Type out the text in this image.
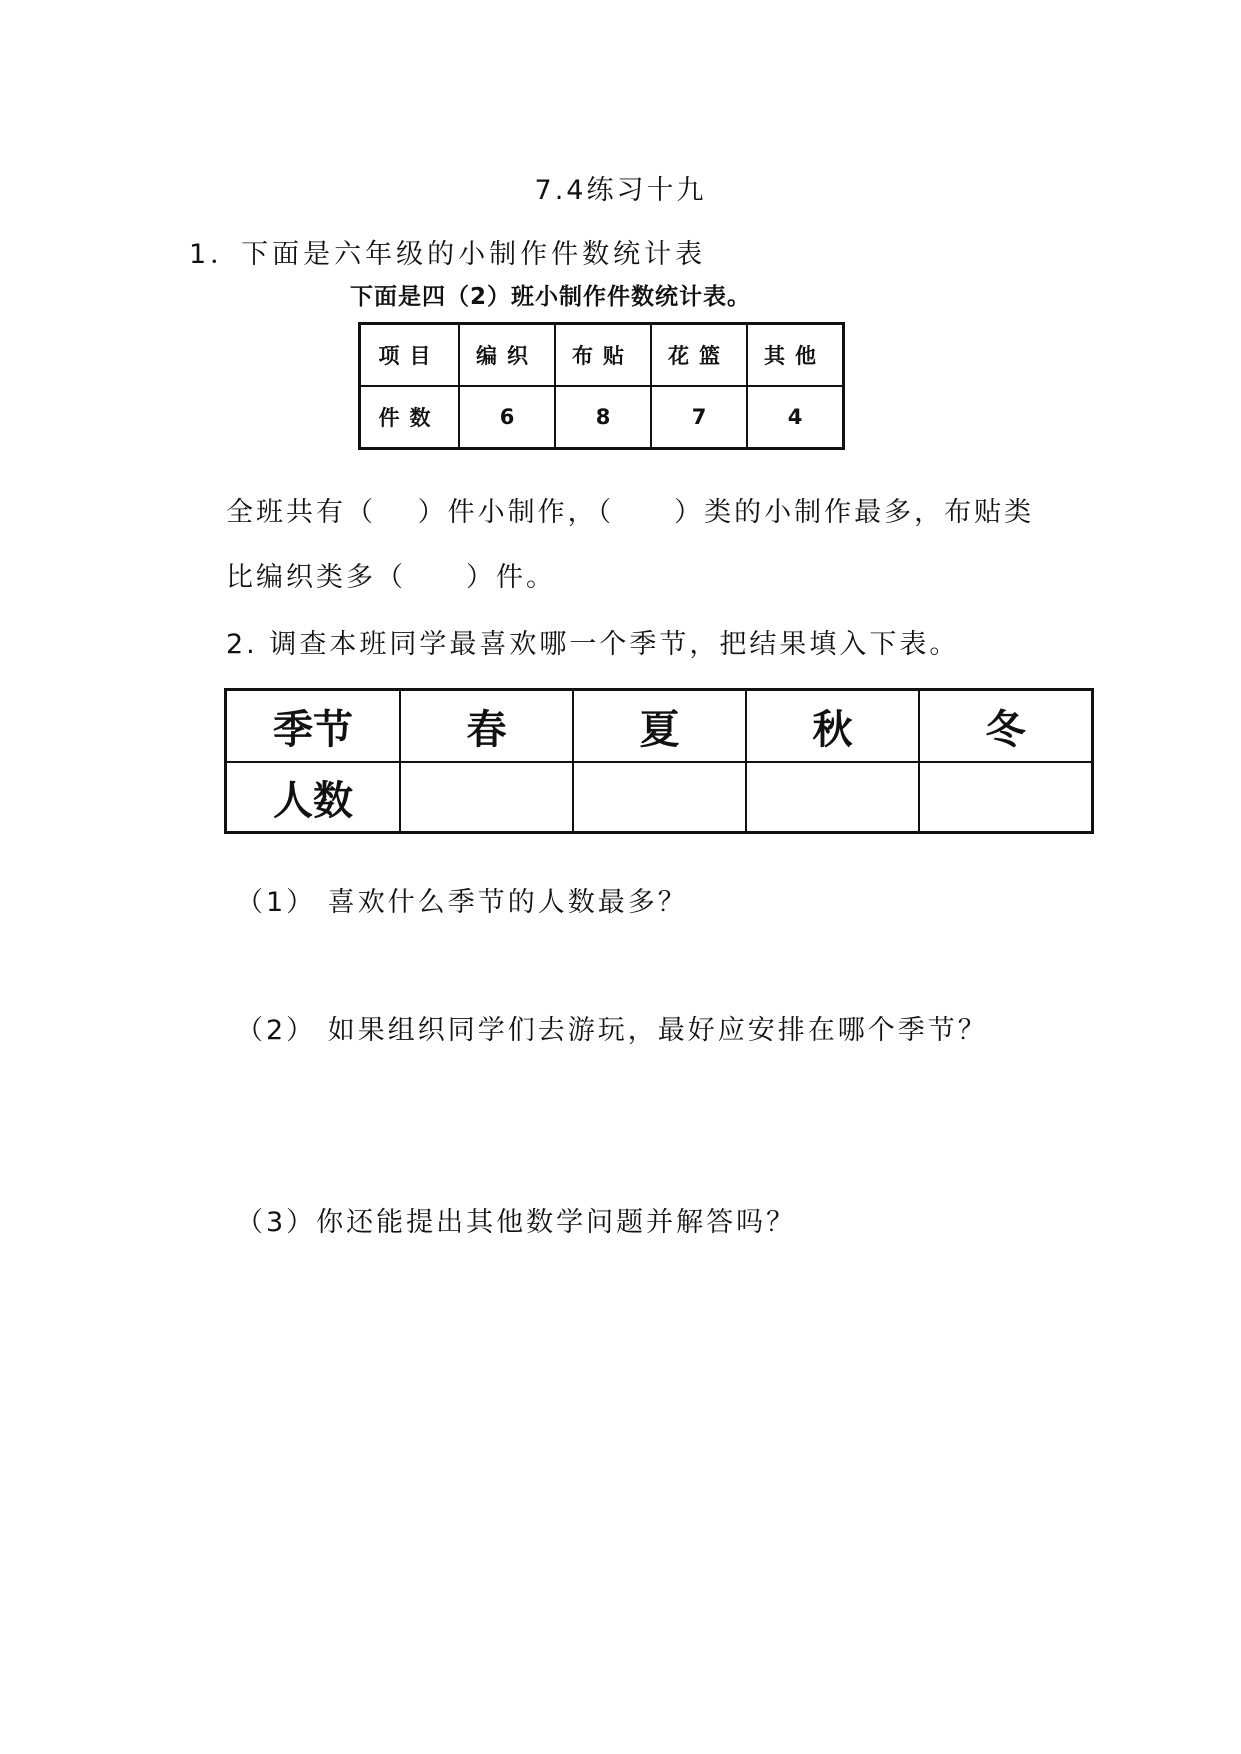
7.4练习十九
1．下面是六年级的小制作件数统计表
下面是四（2）班小制作件数统计表。
项目	编织	布贴	花篮	其他
件数	6	8	7	4
全班共有（　 ）件小制作，（　　）类的小制作最多，布贴类
比编织类多（　　）件。
2. 调查本班同学最喜欢哪一个季节，把结果填入下表。
季节	春	夏	秋	冬
人数				
（1） 喜欢什么季节的人数最多？
（2） 如果组织同学们去游玩，最好应安排在哪个季节？
（3）你还能提出其他数学问题并解答吗？
